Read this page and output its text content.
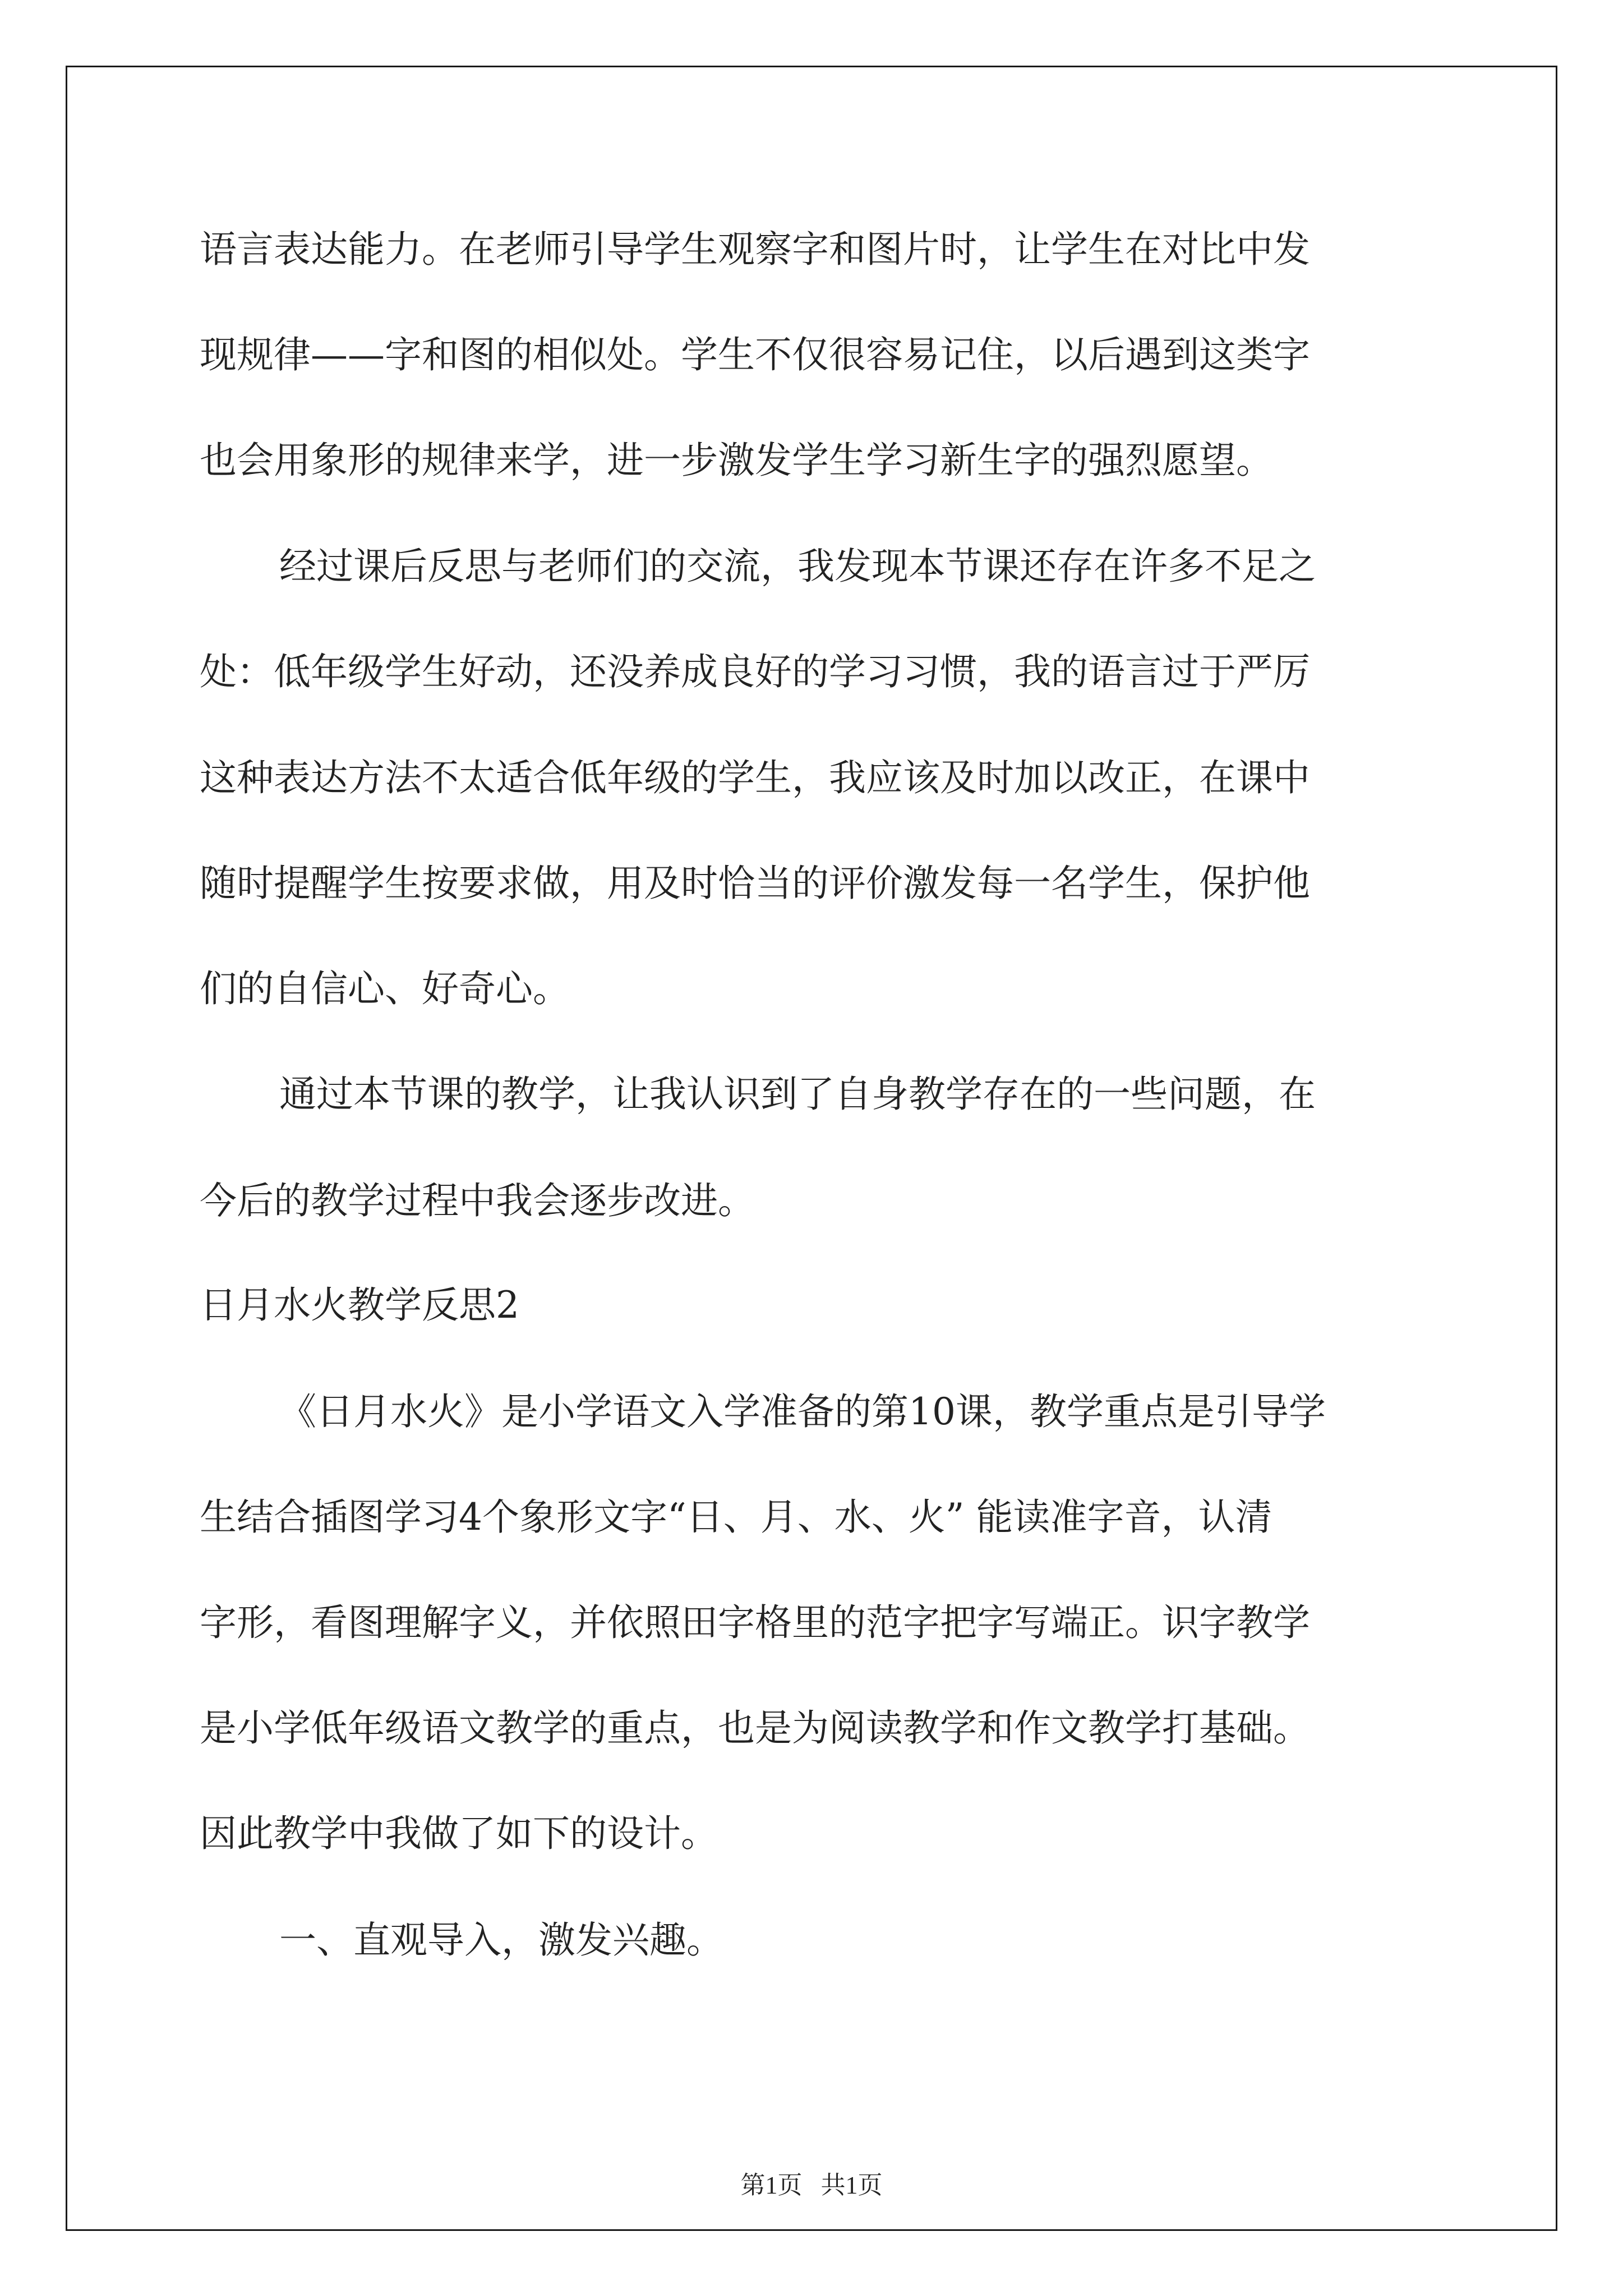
语言表达能力。在老师引导学生观察字和图片时，让学生在对比中发
现规律——字和图的相似处。学生不仅很容易记住，以后遇到这类字
也会用象形的规律来学，进一步激发学生学习新生字的强烈愿望。
经过课后反思与老师们的交流，我发现本节课还存在许多不足之
处：低年级学生好动，还没养成良好的学习习惯，我的语言过于严厉
这种表达方法不太适合低年级的学生，我应该及时加以改正，在课中
随时提醒学生按要求做，用及时恰当的评价激发每一名学生，保护他
们的自信心、好奇心。
通过本节课的教学，让我认识到了自身教学存在的一些问题，在
今后的教学过程中我会逐步改进。
日月水火教学反思2
《日月水火》是小学语文入学准备的第10课，教学重点是引导学
生结合插图学习4个象形文字“日、月、水、火” 能读准字音，认清
字形，看图理解字义，并依照田字格里的范字把字写端正。识字教学
是小学低年级语文教学的重点，也是为阅读教学和作文教学打基础。
因此教学中我做了如下的设计。
一、直观导入，激发兴趣。
第1页   共1页
